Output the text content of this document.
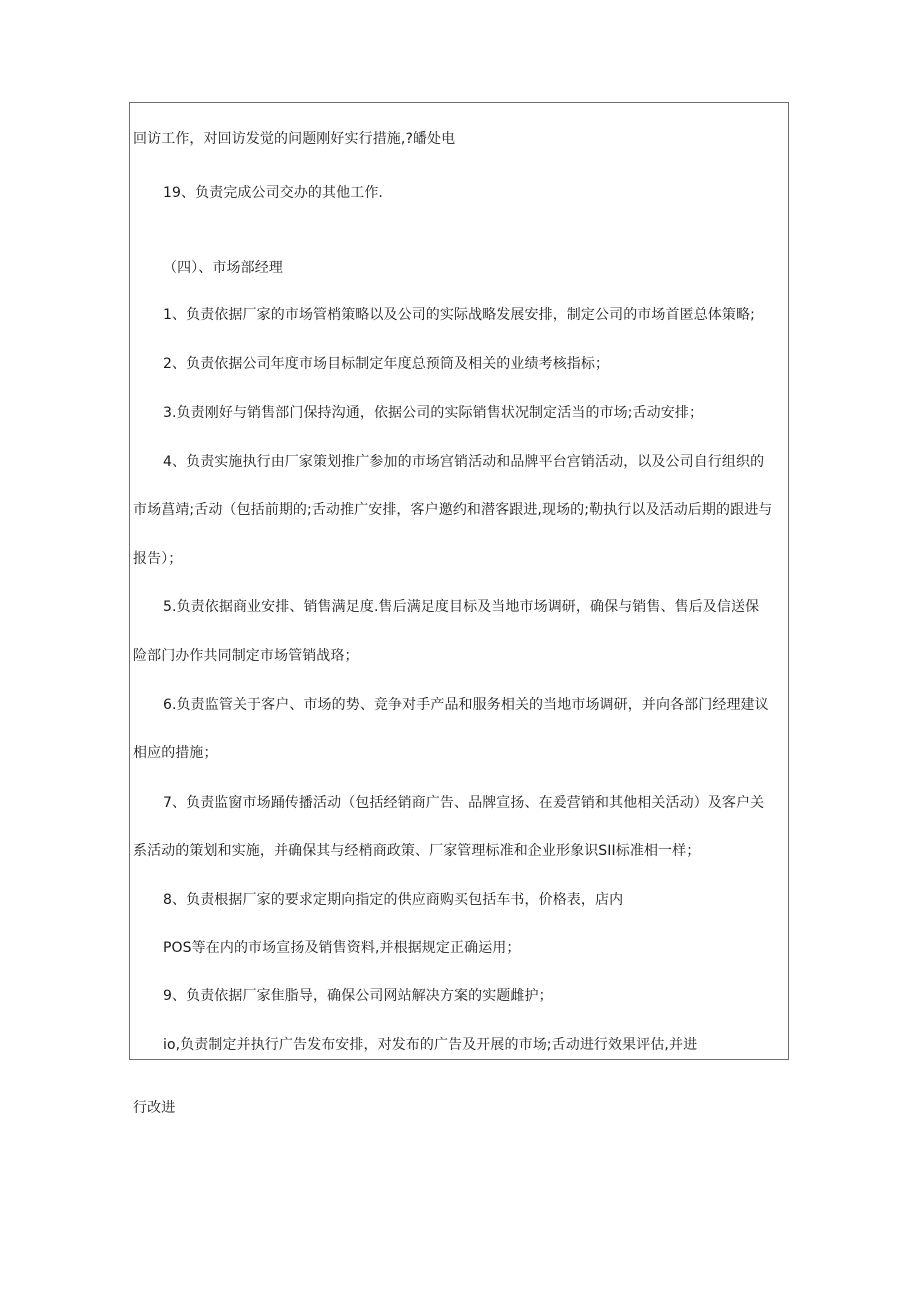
回访工作，对回访发觉的问题刚好实行措施,?皤处电
19、负责完成公司交办的其他工作.
（四）、市场部经理
1、负责依据厂家的市场管梢策略以及公司的实际战略发展安排，制定公司的市场首匿总体策略;
2、负责依据公司年度市场目标制定年度总预筒及相关的业绩考核指标；
3.负责刚好与销售部门保持沟通，依据公司的实际销售状况制定活当的市场;舌动安排；
4、负责实施执行由厂家策划推广参加的市场宫销活动和品牌平台宫销活动，以及公司自行组织的
市场菖靖;舌动（包括前期的;舌动推广安排，客户邀约和潜客跟进,现场的;勒执行以及活动后期的跟进与
报告）；
5.负责依据商业安排、销售满足度.售后满足度目标及当地市场调研，确保与销售、售后及信送保
险部门办作共同制定市场管销战珞；
6.负责监管关于客户、市场的势、竞争对手产品和服务相关的当地市场调研，并向各部门经理建议
相应的措施；
7、负责监窗市场踊传播活动（包括经销商广告、品牌宣扬、在爰营销和其他相关活动）及客户关
系活动的策划和实施，并确保其与经梢商政策、厂家管理标准和企业形象识SII标准相一样；
8、负责根据厂家的要求定期向指定的供应商购买包括车书，价格表，店内
POS等在内的市场宣扬及销售资料,并根据规定正确运用；
9、负责依据厂家隹脂导，确保公司网站解决方案的实题雌护；
io,负责制定并执行广告发布安排，对发布的广告及开展的市场;舌动进行效果评估,并进
行改进
